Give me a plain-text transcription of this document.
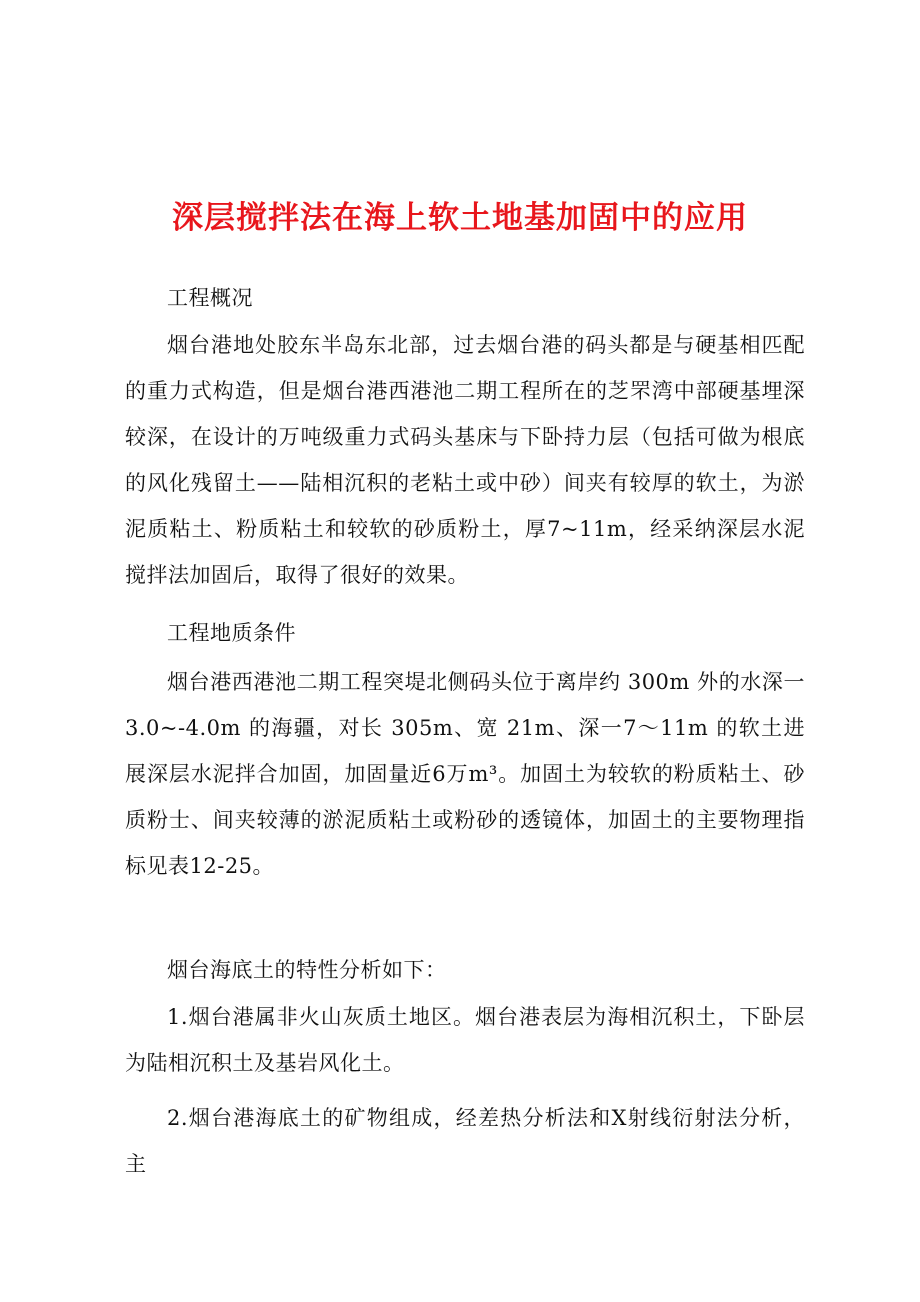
深层搅拌法在海上软土地基加固中的应用
工程概况

烟台港地处胶东半岛东北部，过去烟台港的码头都是与硬基相匹配的重力式构造，但是烟台港西港池二期工程所在的芝罘湾中部硬基埋深较深，在设计的万吨级重力式码头基床与下卧持力层（包括可做为根底的风化残留土——陆相沉积的老粘土或中砂）间夹有较厚的软土，为淤泥质粘土、粉质粘土和较软的砂质粉土，厚7~11m，经采纳深层水泥搅拌法加固后，取得了很好的效果。

工程地质条件

烟台港西港池二期工程突堤北侧码头位于离岸约 300m 外的水深一3.0~-4.0m 的海疆，对长 305m、宽 21m、深一7～11m 的软土进展深层水泥拌合加固，加固量近6万m³。加固土为较软的粉质粘土、砂质粉士、间夹较薄的淤泥质粘土或粉砂的透镜体，加固土的主要物理指标见表12-25。

烟台海底土的特性分析如下：

1.烟台港属非火山灰质土地区。烟台港表层为海相沉积土，下卧层为陆相沉积土及基岩风化土。

2.烟台港海底土的矿物组成，经差热分析法和X射线衍射法分析，主
